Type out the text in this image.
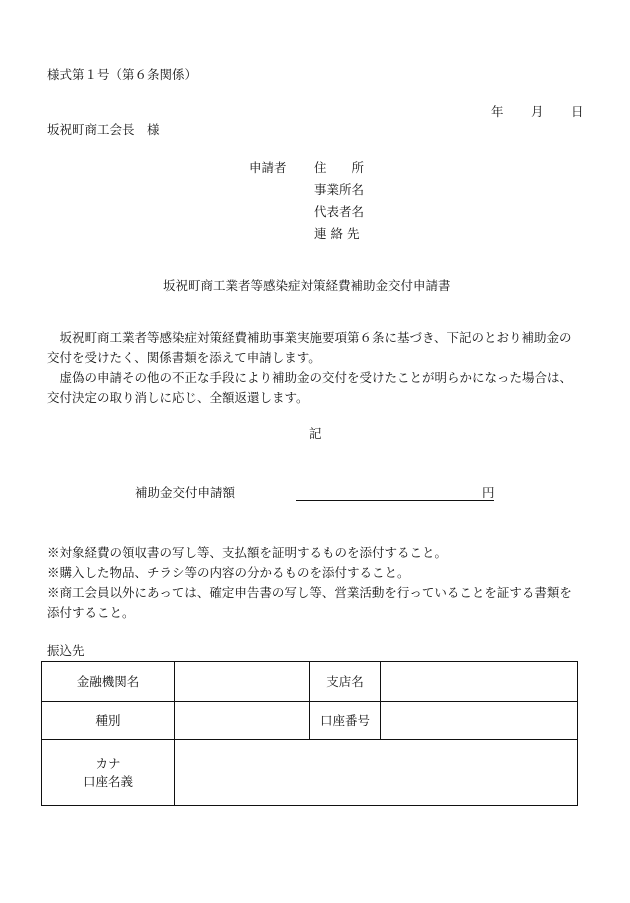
様式第１号（第６条関係）
年 月 日
坂祝町商工会長　様
申請者 住　　所
事業所名
代表者名
連 絡 先
坂祝町商工業者等感染症対策経費補助金交付申請書

坂祝町商工業者等感染症対策経費補助事業実施要項第６条に基づき、下記のとおり補助金の交付を受けたく、関係書類を添えて申請します。

虚偽の申請その他の不正な手段により補助金の交付を受けたことが明らかになった場合は、交付決定の取り消しに応じ、全額返還します。

記
補助金交付申請額	円

※対象経費の領収書の写し等、支払額を証明するものを添付すること。

※購入した物品、チラシ等の内容の分かるものを添付すること。

※商工会員以外にあっては、確定申告書の写し等、営業活動を行っていることを証する書類を添付すること。

振込先
金融機関名		支店名	
種別		口座番号	

カナ
口座名義			
